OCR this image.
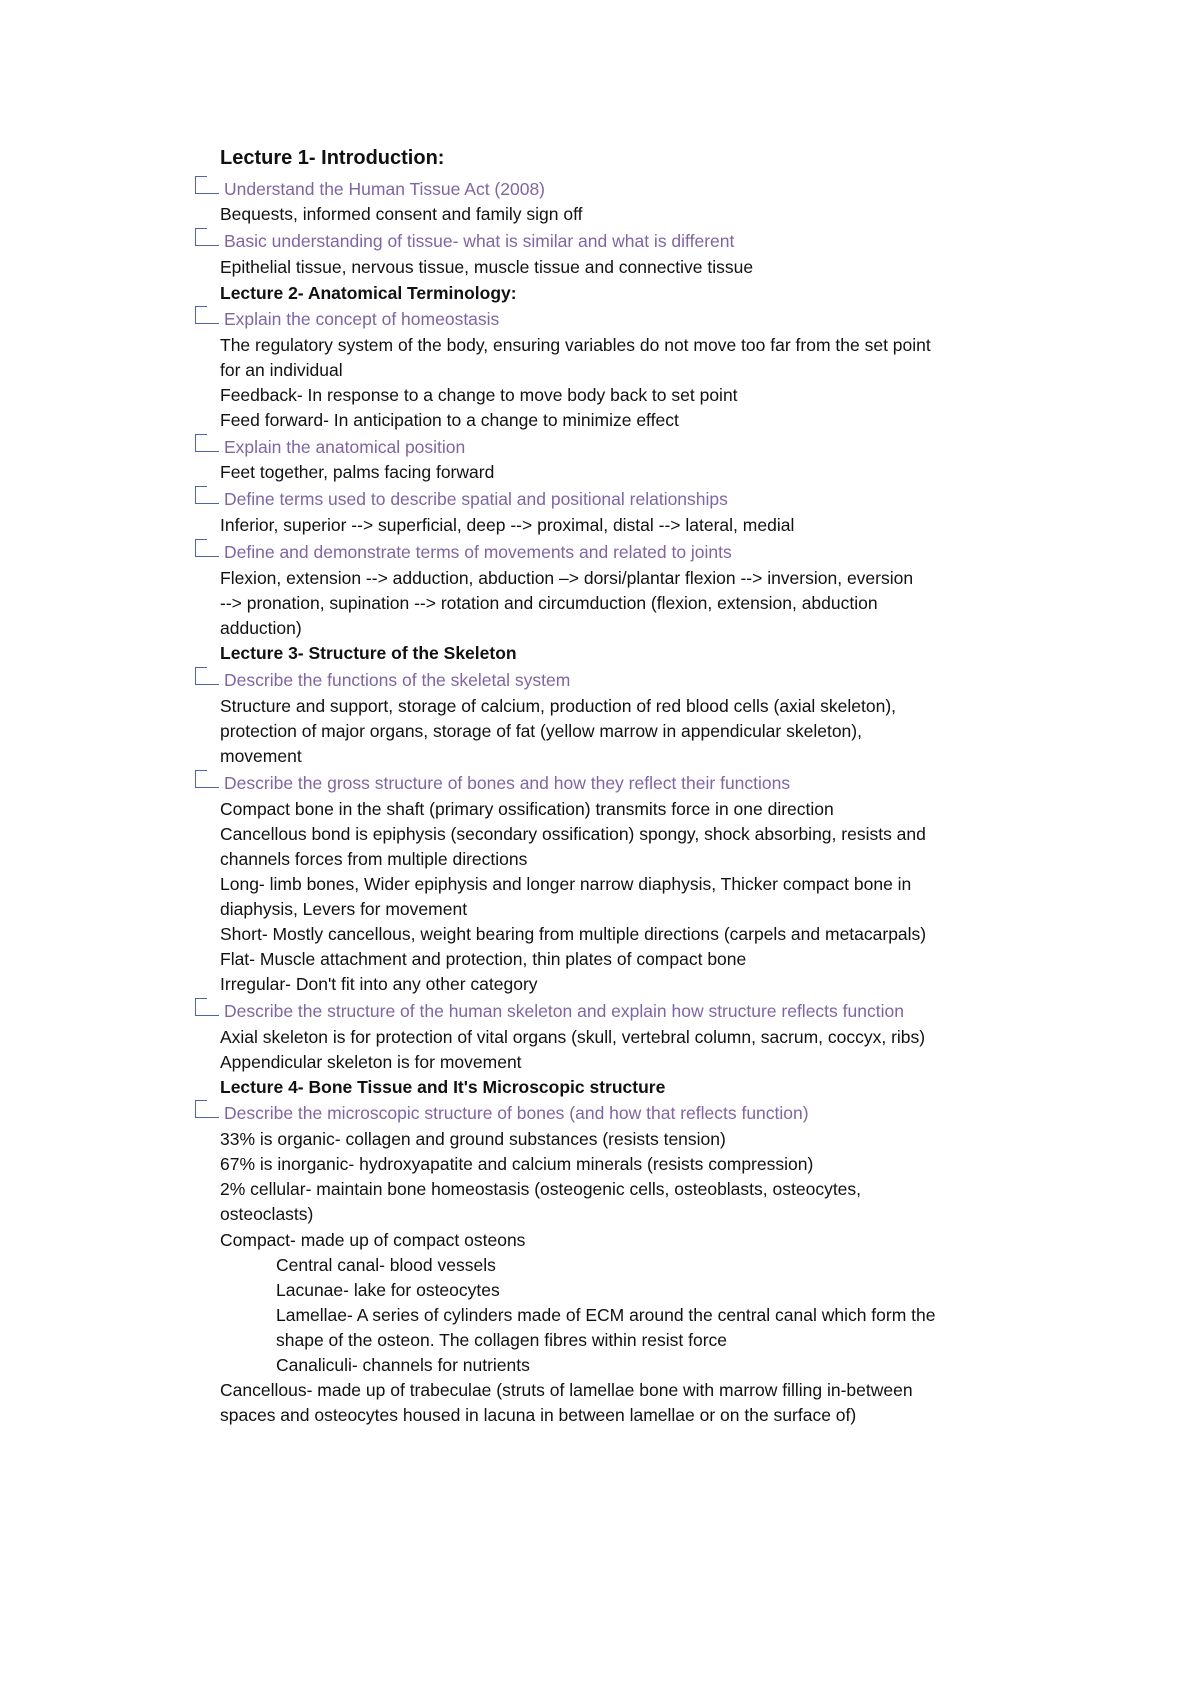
Lecture 1- Introduction:
Understand the Human Tissue Act (2008)
Bequests, informed consent and family sign off
Basic understanding of tissue- what is similar and what is different
Epithelial tissue, nervous tissue, muscle tissue and connective tissue
Lecture 2- Anatomical Terminology:
Explain the concept of homeostasis
The regulatory system of the body, ensuring variables do not move too far from the set point
for an individual
Feedback- In response to a change to move body back to set point
Feed forward- In anticipation to a change to minimize effect
Explain the anatomical position
Feet together, palms facing forward
Define terms used to describe spatial and positional relationships
Inferior, superior --> superficial, deep --> proximal, distal --> lateral, medial
Define and demonstrate terms of movements and related to joints
Flexion, extension --> adduction, abduction –> dorsi/plantar flexion --> inversion, eversion
--> pronation, supination --> rotation and circumduction (flexion, extension, abduction
adduction)
Lecture 3- Structure of the Skeleton
Describe the functions of the skeletal system
Structure and support, storage of calcium, production of red blood cells (axial skeleton),
protection of major organs, storage of fat (yellow marrow in appendicular skeleton),
movement
Describe the gross structure of bones and how they reflect their functions
Compact bone in the shaft (primary ossification) transmits force in one direction
Cancellous bond is epiphysis (secondary ossification) spongy, shock absorbing, resists and
channels forces from multiple directions
Long- limb bones, Wider epiphysis and longer narrow diaphysis, Thicker compact bone in
diaphysis, Levers for movement
Short- Mostly cancellous, weight bearing from multiple directions (carpels and metacarpals)
Flat- Muscle attachment and protection, thin plates of compact bone
Irregular- Don't fit into any other category
Describe the structure of the human skeleton and explain how structure reflects function
Axial skeleton is for protection of vital organs (skull, vertebral column, sacrum, coccyx, ribs)
Appendicular skeleton is for movement
Lecture 4- Bone Tissue and It's Microscopic structure
Describe the microscopic structure of bones (and how that reflects function)
33% is organic- collagen and ground substances (resists tension)
67% is inorganic- hydroxyapatite and calcium minerals (resists compression)
2% cellular- maintain bone homeostasis (osteogenic cells, osteoblasts, osteocytes,
osteoclasts)
Compact- made up of compact osteons
Central canal- blood vessels
Lacunae- lake for osteocytes
Lamellae- A series of cylinders made of ECM around the central canal which form the
shape of the osteon. The collagen fibres within resist force
Canaliculi- channels for nutrients
Cancellous- made up of trabeculae (struts of lamellae bone with marrow filling in-between
spaces and osteocytes housed in lacuna in between lamellae or on the surface of)
